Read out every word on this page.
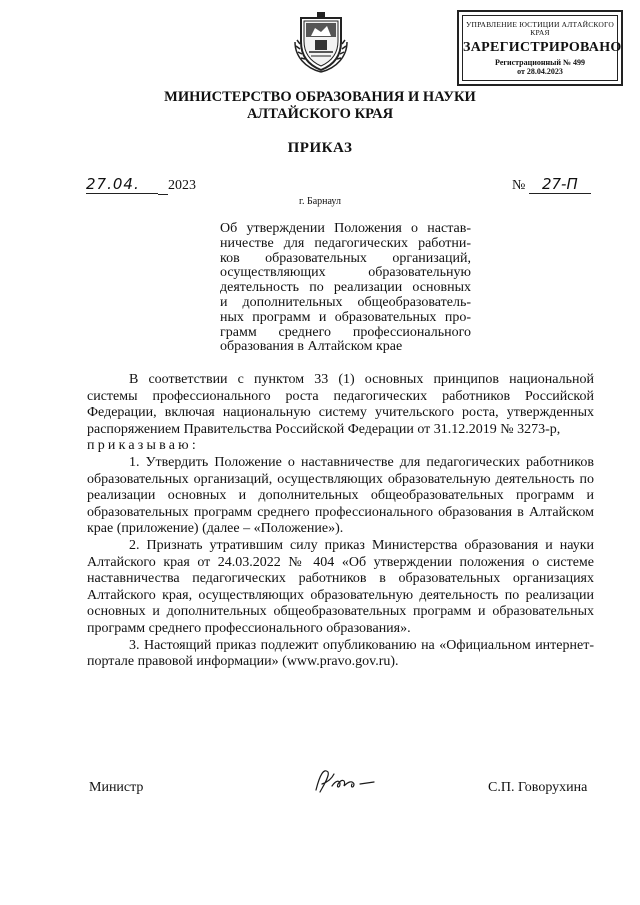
УПРАВЛЕНИЕ ЮСТИЦИИ АЛТАЙСКОГО КРАЯ
ЗАРЕГИСТРИРОВАНО
Регистрационный № 499
от 28.04.2023
МИНИСТЕРСТВО ОБРАЗОВАНИЯ И НАУКИ
АЛТАЙСКОГО КРАЯ
ПРИКАЗ
27.04. 2023	№ 27-П
г. Барнаул
Об утверждении Положения о настав-
ничестве для педагогических работни-
ков образовательных организаций,
осуществляющих образовательную
деятельность по реализации основных
и дополнительных общеобразователь-
ных программ и образовательных про-
грамм среднего профессионального
образования в Алтайском крае

В соответствии с пунктом 33 (1) основных принципов национальной системы профессионального роста педагогических работников Российской Федерации, включая национальную систему учительского роста, утвержденных распоряжением Правительства Российской Федерации от 31.12.2019 № 3273-р,

приказываю:

1. Утвердить Положение о наставничестве для педагогических работников образовательных организаций, осуществляющих образовательную деятельность по реализации основных и дополнительных общеобразовательных программ и образовательных программ среднего профессионального образования в Алтайском крае (приложение) (далее – «Положение»).

2. Признать утратившим силу приказ Министерства образования и науки Алтайского края от 24.03.2022 № 404 «Об утверждении положения о системе наставничества педагогических работников в образовательных организациях Алтайского края, осуществляющих образовательную деятельность по реализации основных и дополнительных общеобразовательных программ и образовательных программ среднего профессионального образования».

3. Настоящий приказ подлежит опубликованию на «Официальном интернет-портале правовой информации» (www.pravo.gov.ru).

Министр	С.П. Говорухина
